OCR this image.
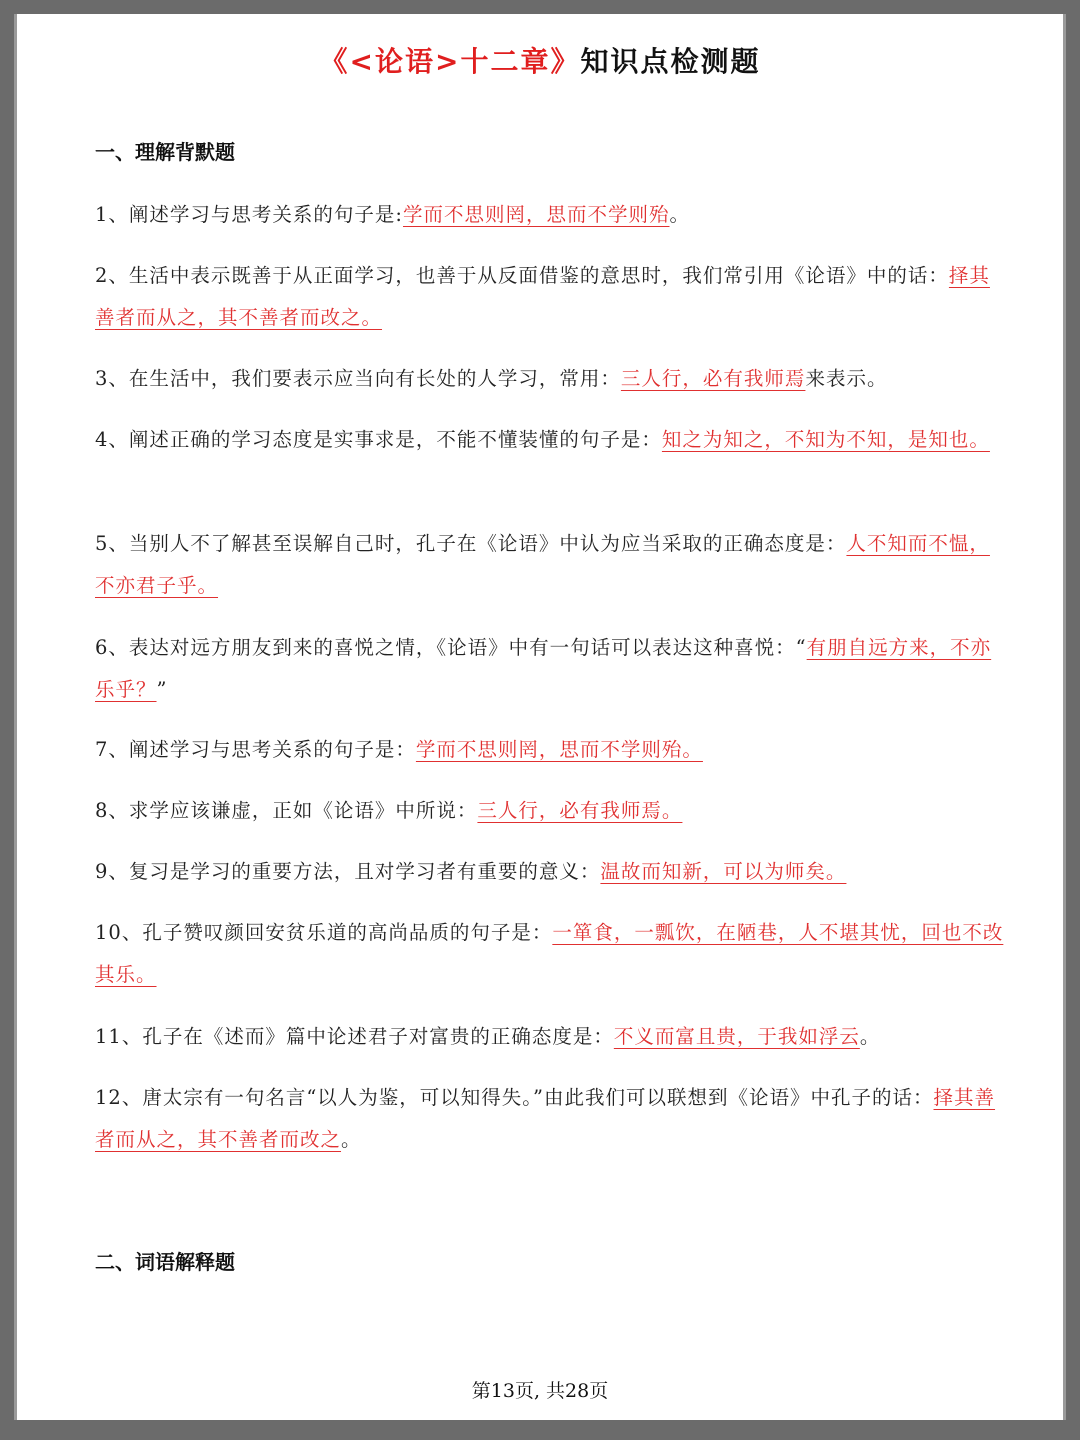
《<论语>十二章》知识点检测题
一、理解背默题
1、阐述学习与思考关系的句子是:学而不思则罔，思而不学则殆。
2、生活中表示既善于从正面学习，也善于从反面借鉴的意思时，我们常引用《论语》中的话：择其善者而从之，其不善者而改之。
3、在生活中，我们要表示应当向有长处的人学习，常用：三人行，必有我师焉来表示。
4、阐述正确的学习态度是实事求是，不能不懂装懂的句子是：知之为知之，不知为不知，是知也。
5、当别人不了解甚至误解自己时，孔子在《论语》中认为应当采取的正确态度是：人不知而不愠，不亦君子乎。
6、表达对远方朋友到来的喜悦之情，《论语》中有一句话可以表达这种喜悦：“有朋自远方来，不亦乐乎？”
7、阐述学习与思考关系的句子是：学而不思则罔，思而不学则殆。
8、求学应该谦虚，正如《论语》中所说：三人行，必有我师焉。
9、复习是学习的重要方法，且对学习者有重要的意义：温故而知新，可以为师矣。
10、孔子赞叹颜回安贫乐道的高尚品质的句子是：一箪食，一瓢饮，在陋巷，人不堪其忧，回也不改其乐。
11、孔子在《述而》篇中论述君子对富贵的正确态度是：不义而富且贵，于我如浮云。
12、唐太宗有一句名言“以人为鉴，可以知得失。”由此我们可以联想到《论语》中孔子的话：择其善者而从之，其不善者而改之。
二、词语解释题
第13页, 共28页
